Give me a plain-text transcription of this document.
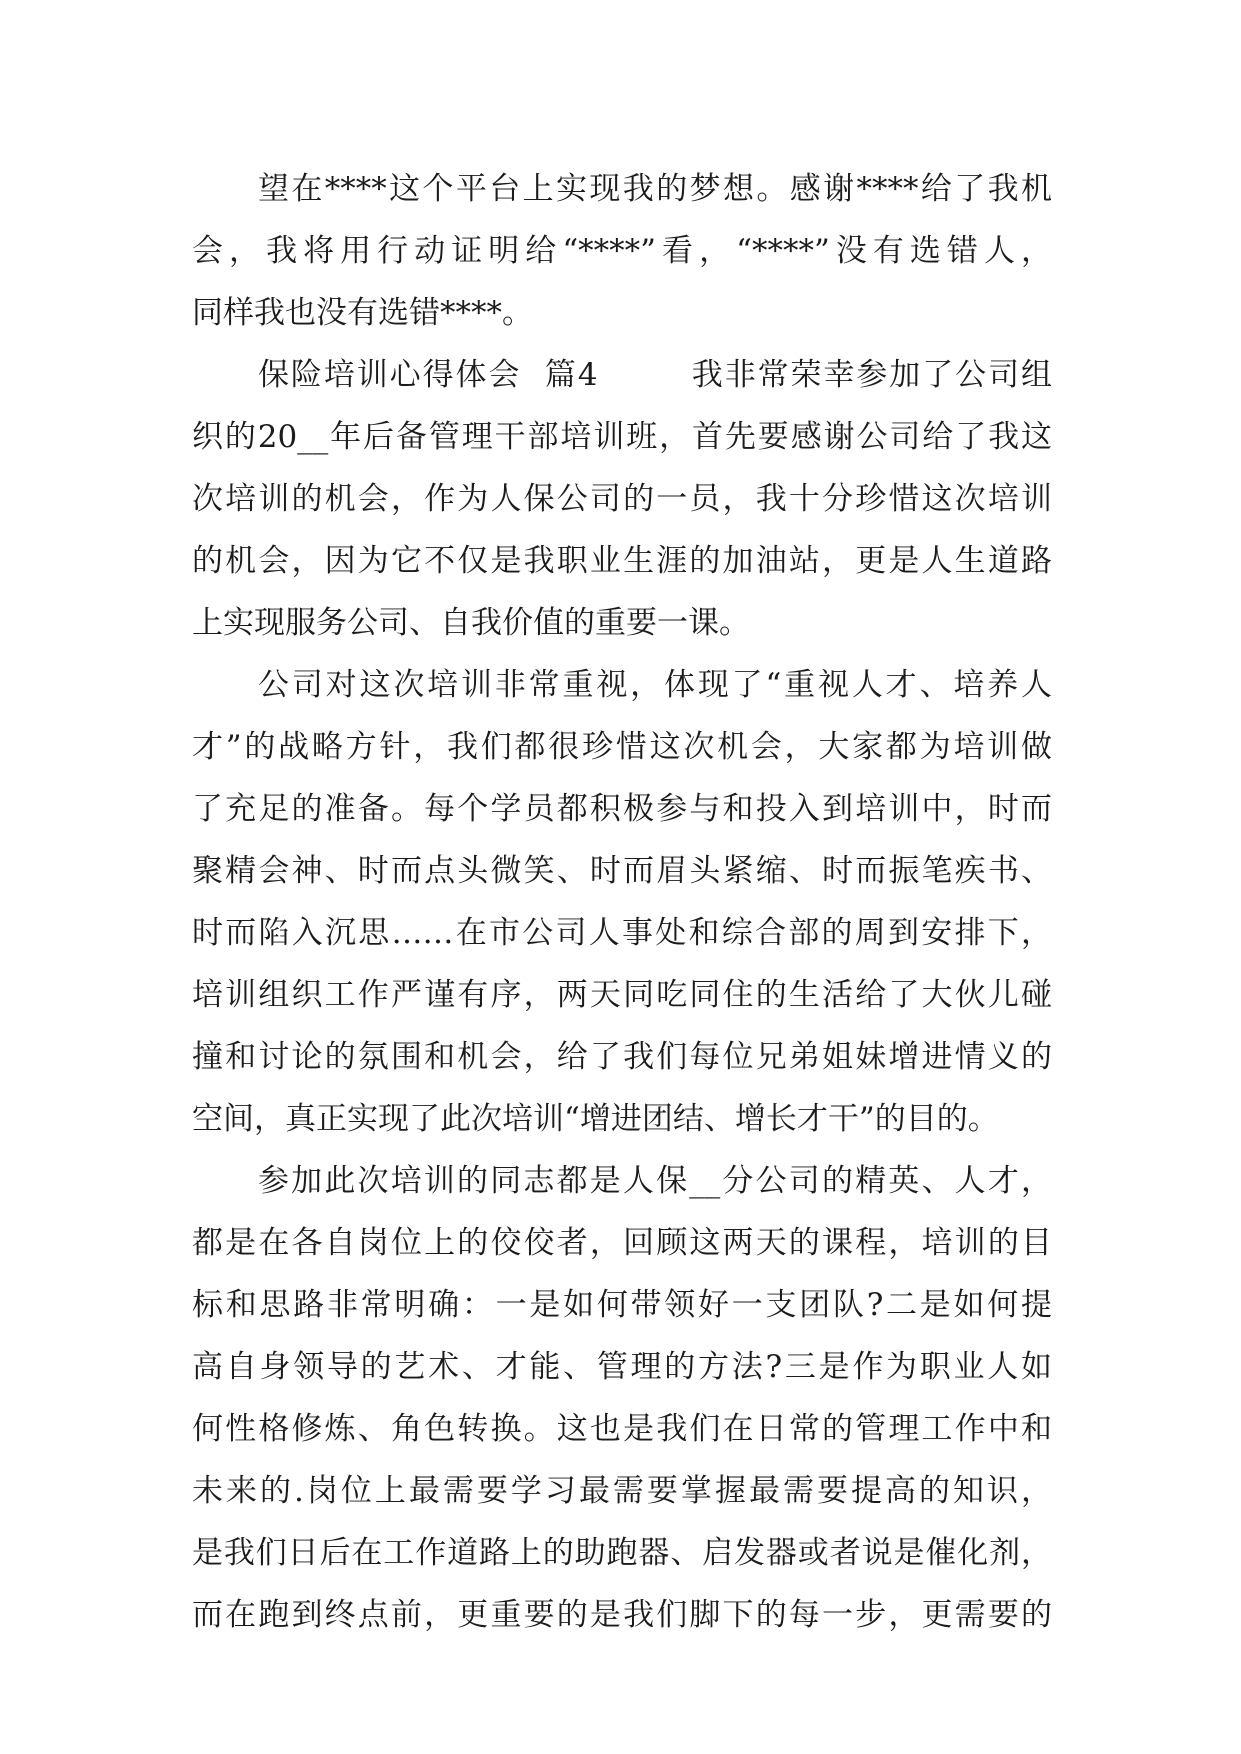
望在****这个平台上实现我的梦想。感谢****给了我机
会，我将用行动证明给“****”看，“****”没有选错人，
同样我也没有选错****。
保险培训心得体会  篇4        我非常荣幸参加了公司组
织的20__年后备管理干部培训班，首先要感谢公司给了我这
次培训的机会，作为人保公司的一员，我十分珍惜这次培训
的机会，因为它不仅是我职业生涯的加油站，更是人生道路
上实现服务公司、自我价值的重要一课。
公司对这次培训非常重视，体现了“重视人才、培养人
才”的战略方针，我们都很珍惜这次机会，大家都为培训做
了充足的准备。每个学员都积极参与和投入到培训中，时而
聚精会神、时而点头微笑、时而眉头紧缩、时而振笔疾书、
时而陷入沉思……在市公司人事处和综合部的周到安排下，
培训组织工作严谨有序，两天同吃同住的生活给了大伙儿碰
撞和讨论的氛围和机会，给了我们每位兄弟姐妹增进情义的
空间，真正实现了此次培训“增进团结、增长才干”的目的。
参加此次培训的同志都是人保__分公司的精英、人才，
都是在各自岗位上的佼佼者，回顾这两天的课程，培训的目
标和思路非常明确：一是如何带领好一支团队?二是如何提
高自身领导的艺术、才能、管理的方法?三是作为职业人如
何性格修炼、角色转换。这也是我们在日常的管理工作中和
未来的.岗位上最需要学习最需要掌握最需要提高的知识，
是我们日后在工作道路上的助跑器、启发器或者说是催化剂，
而在跑到终点前，更重要的是我们脚下的每一步，更需要的
